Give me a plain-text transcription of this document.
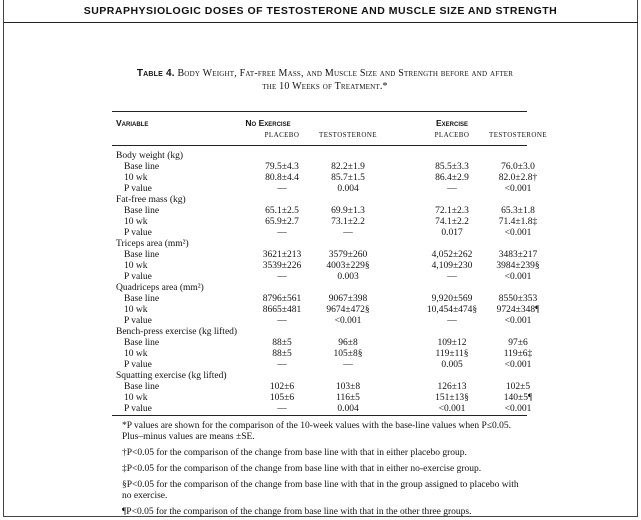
SUPRAPHYSIOLOGIC DOSES OF TESTOSTERONE AND MUSCLE SIZE AND STRENGTH
Table 4. Body Weight, Fat-free Mass, and Muscle Size and Strength before and after the 10 Weeks of Treatment.*
Variable	No Exercise	Exercise
PLACEBO	TESTOSTERONE	PLACEBO	TESTOSTERONE
Body weight (kg)
Base line	79.5±4.3	82.2±1.9	85.5±3.3	76.0±3.0
10 wk	80.8±4.4	85.7±1.5	86.4±2.9	82.0±2.8†
P value	—	0.004	—	<0.001
Fat-free mass (kg)
Base line	65.1±2.5	69.9±1.3	72.1±2.3	65.3±1.8
10 wk	65.9±2.7	73.1±2.2	74.1±2.2	71.4±1.8‡
P value	—	—	0.017	<0.001
Triceps area (mm²)
Base line	3621±213	3579±260	4,052±262	3483±217
10 wk	3539±226	4003±229§	4,109±230	3984±239§
P value	—	0.003	—	<0.001
Quadriceps area (mm²)
Base line	8796±561	9067±398	9,920±569	8550±353
10 wk	8665±481	9674±472§	10,454±474§	9724±348¶
P value	—	<0.001	—	<0.001
Bench-press exercise (kg lifted)
Base line	88±5	96±8	109±12	97±6
10 wk	88±5	105±8§	119±11§	119±6‡
P value	—	—	0.005	<0.001
Squatting exercise (kg lifted)
Base line	102±6	103±8	126±13	102±5
10 wk	105±6	116±5	151±13§	140±5¶
P value	—	0.004	<0.001	<0.001
*P values are shown for the comparison of the 10-week values with the base-line values when P≤0.05. Plus–minus values are means ±SE.
†P<0.05 for the comparison of the change from base line with that in either placebo group.
‡P<0.05 for the comparison of the change from base line with that in either no-exercise group.
§P<0.05 for the comparison of the change from base line with that in the group assigned to placebo with no exercise.
¶P<0.05 for the comparison of the change from base line with that in the other three groups.
